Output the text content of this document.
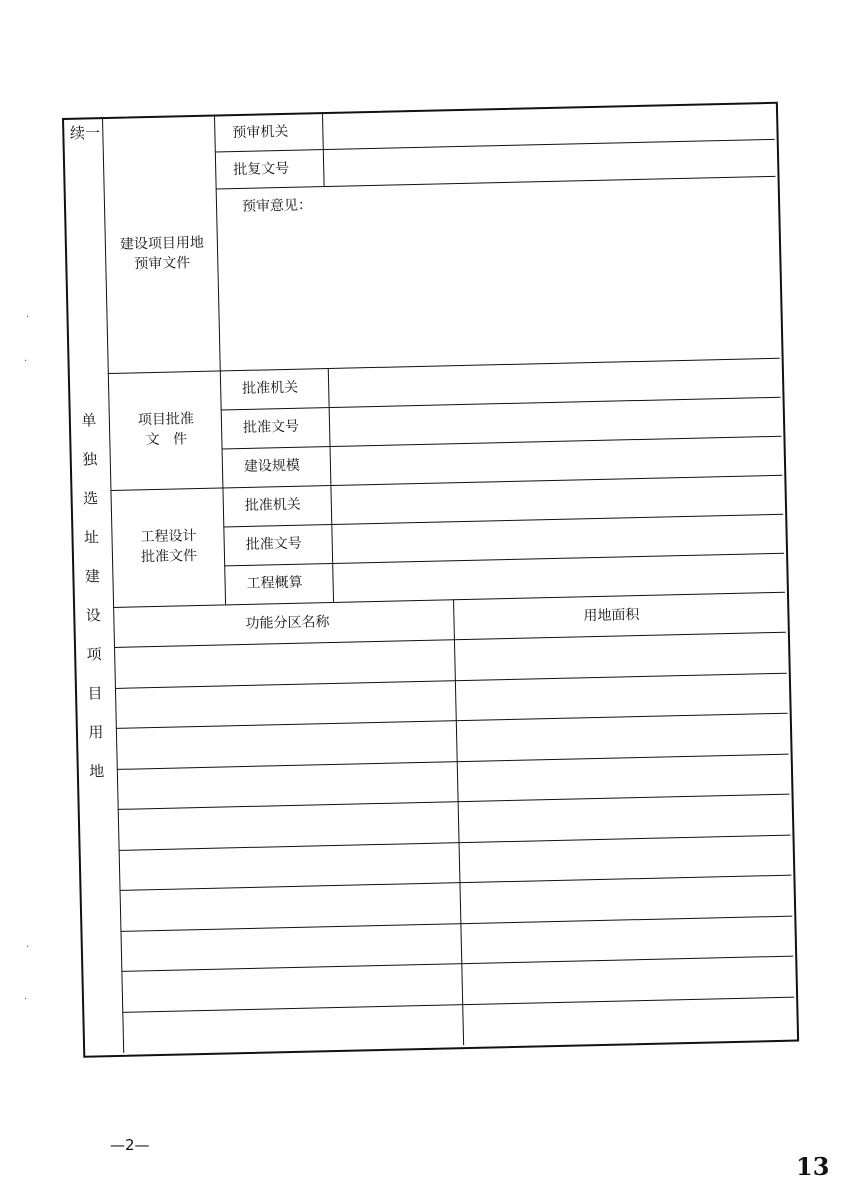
续一
单
独
选
址
建
设
项
目
用
地
建设项目用地
预审文件
预审机关
批复文号
预审意见：
项目批准
文   件
批准机关
批准文号
建设规模
工程设计
批准文件
批准机关
批准文号
工程概算
功能分区名称	用地面积
—2—
13
·
·
·
·
